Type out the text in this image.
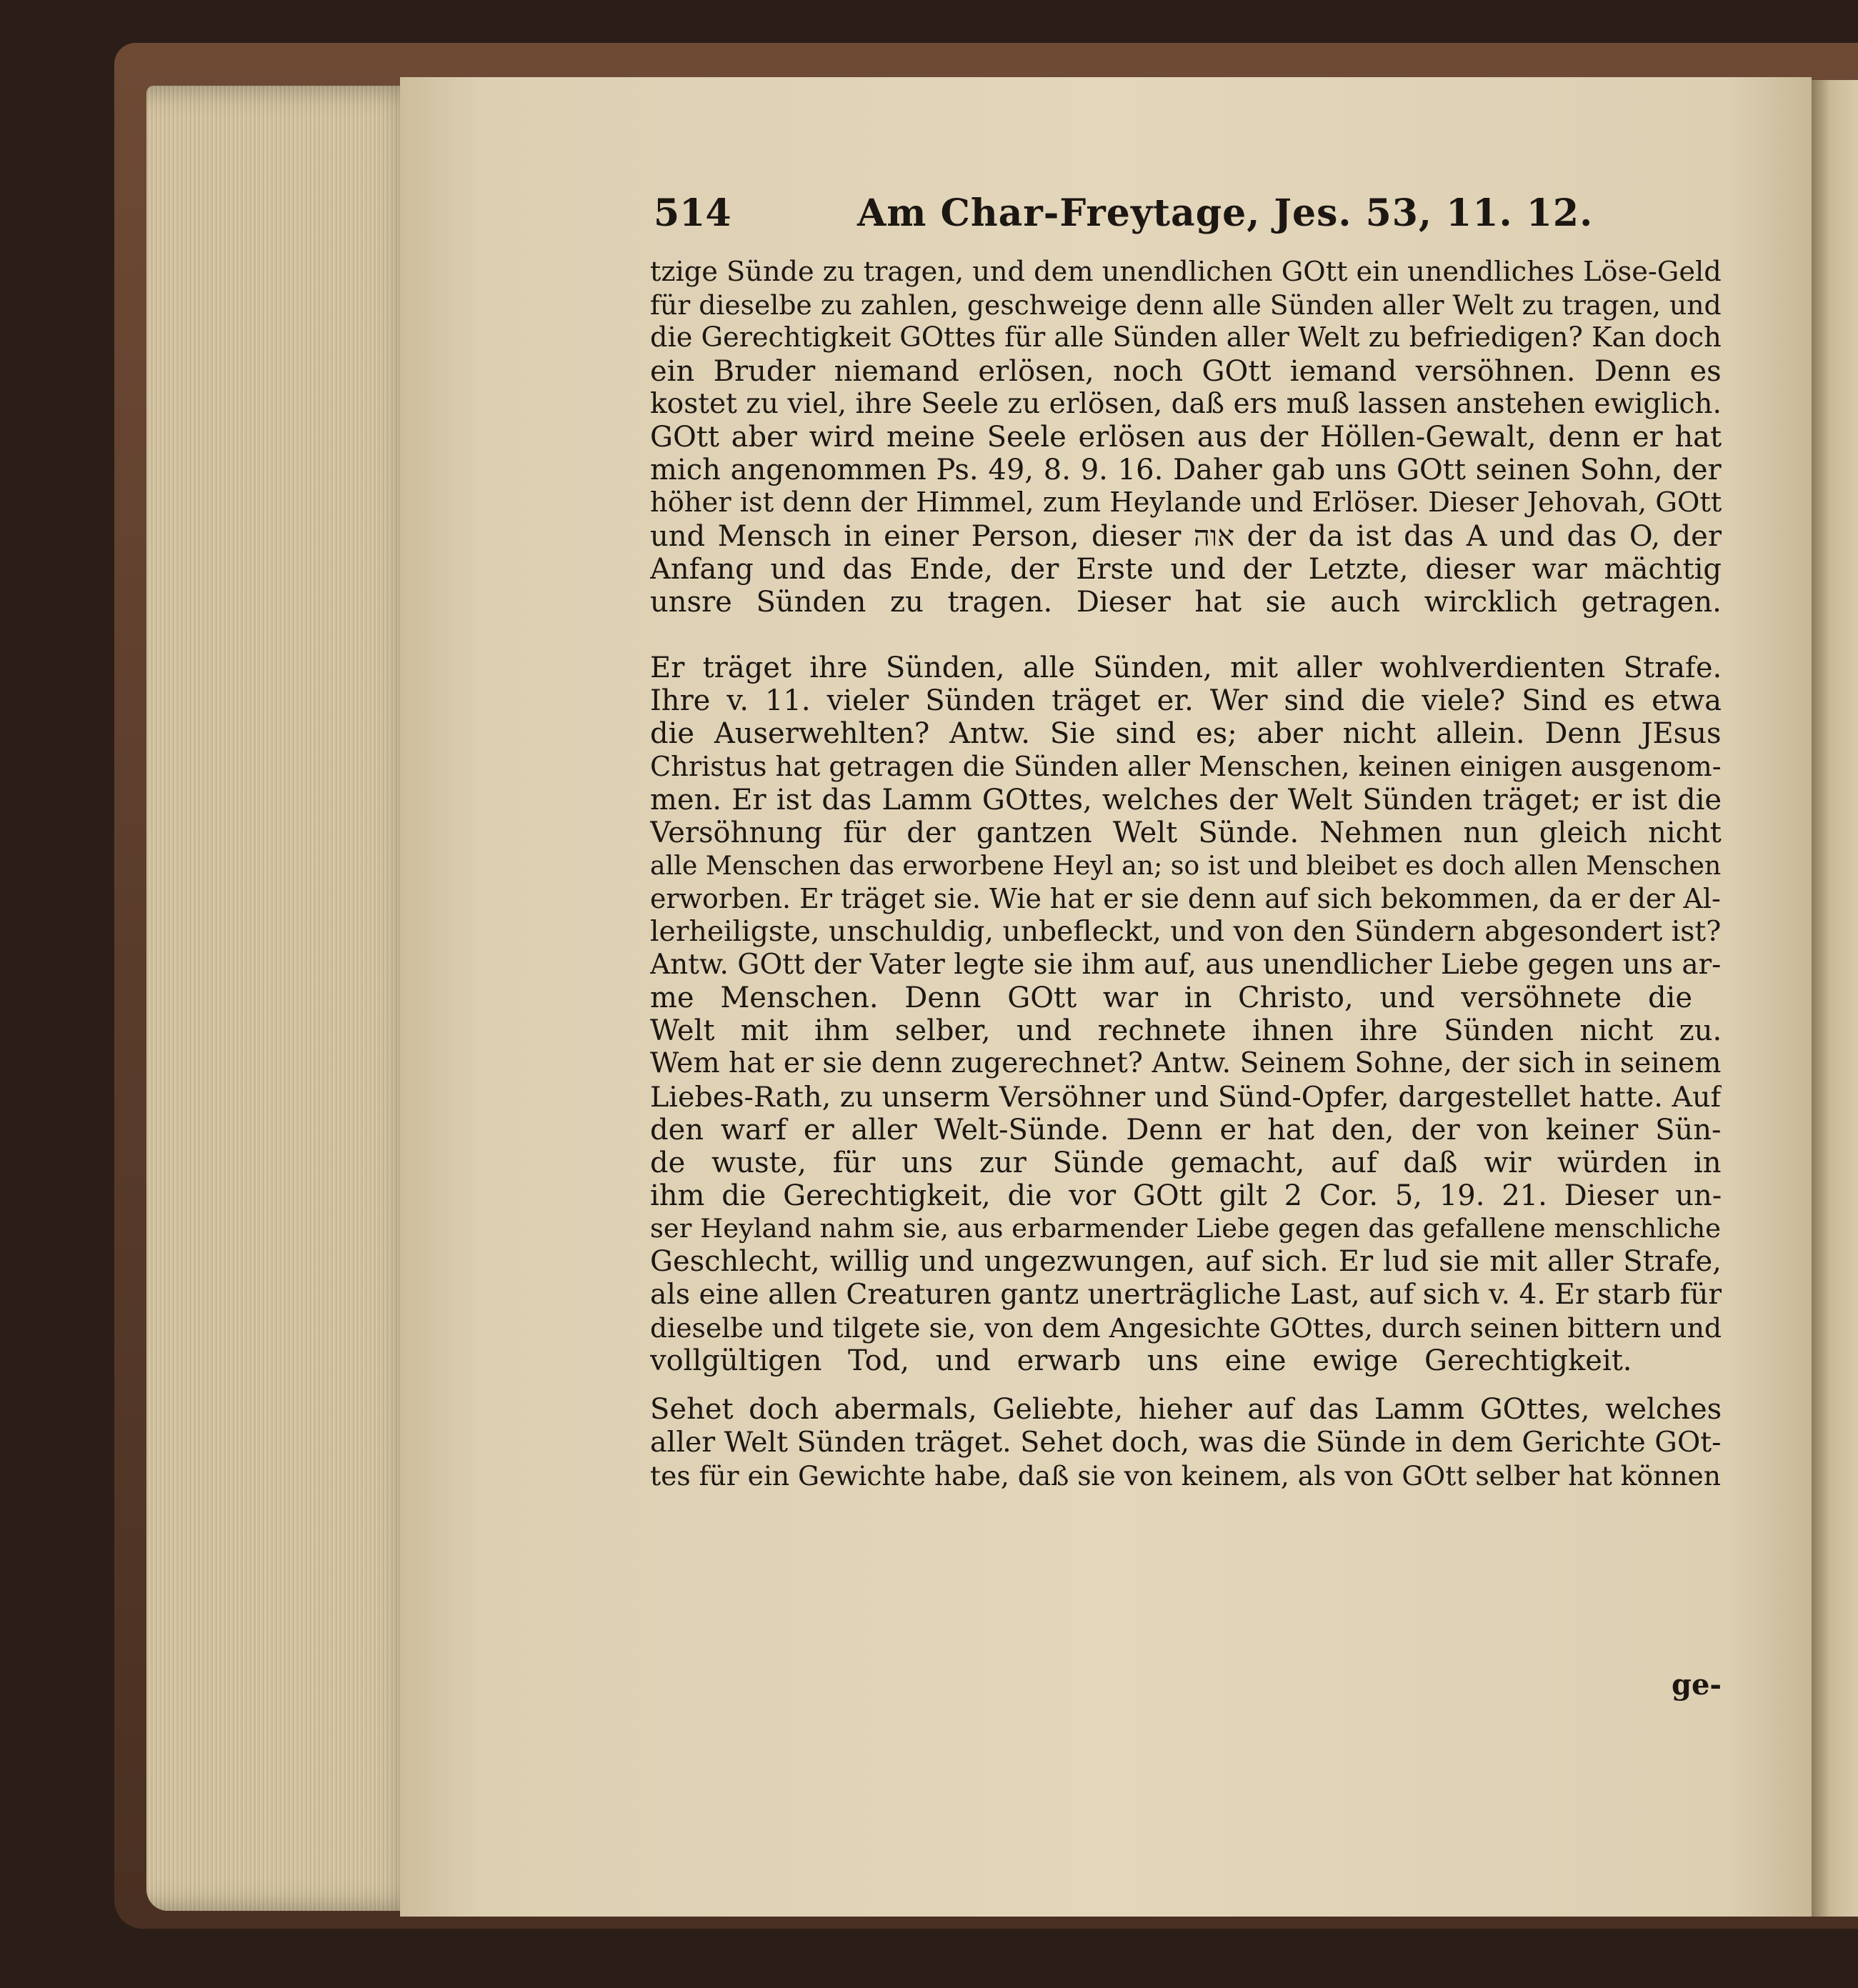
514	Am Char-Freytage, Jes. 53, 11. 12.
tzige Sünde zu tragen, und dem unendlichen GOtt ein unendliches Löse-Geld
für dieselbe zu zahlen, geschweige denn alle Sünden aller Welt zu tragen, und
die Gerechtigkeit GOttes für alle Sünden aller Welt zu befriedigen? Kan doch
ein Bruder niemand erlösen, noch GOtt iemand versöhnen. Denn es
kostet zu viel, ihre Seele zu erlösen, daß ers muß lassen anstehen ewiglich.
GOtt aber wird meine Seele erlösen aus der Höllen-Gewalt, denn er hat
mich angenommen Ps. 49, 8. 9. 16. Daher gab uns GOtt seinen Sohn, der
höher ist denn der Himmel, zum Heylande und Erlöser. Dieser Jehovah, GOtt
und Mensch in einer Person, dieser אוה der da ist das A und das O, der
Anfang und das Ende, der Erste und der Letzte, dieser war mächtig
unsre Sünden zu tragen. Dieser hat sie auch wircklich getragen.
Er träget ihre Sünden, alle Sünden, mit aller wohlverdienten Strafe.
Ihre v. 11. vieler Sünden träget er. Wer sind die viele? Sind es etwa
die Auserwehlten? Antw. Sie sind es; aber nicht allein. Denn JEsus
Christus hat getragen die Sünden aller Menschen, keinen einigen ausgenom-
men. Er ist das Lamm GOttes, welches der Welt Sünden träget; er ist die
Versöhnung für der gantzen Welt Sünde. Nehmen nun gleich nicht
alle Menschen das erworbene Heyl an; so ist und bleibet es doch allen Menschen
erworben. Er träget sie. Wie hat er sie denn auf sich bekommen, da er der Al-
lerheiligste, unschuldig, unbefleckt, und von den Sündern abgesondert ist?
Antw. GOtt der Vater legte sie ihm auf, aus unendlicher Liebe gegen uns ar-
me Menschen. Denn GOtt war in Christo, und versöhnete die
Welt mit ihm selber, und rechnete ihnen ihre Sünden nicht zu.
Wem hat er sie denn zugerechnet? Antw. Seinem Sohne, der sich in seinem
Liebes-Rath, zu unserm Versöhner und Sünd-Opfer, dargestellet hatte. Auf
den warf er aller Welt-Sünde. Denn er hat den, der von keiner Sün-
de wuste, für uns zur Sünde gemacht, auf daß wir würden in
ihm die Gerechtigkeit, die vor GOtt gilt 2 Cor. 5, 19. 21. Dieser un-
ser Heyland nahm sie, aus erbarmender Liebe gegen das gefallene menschliche
Geschlecht, willig und ungezwungen, auf sich. Er lud sie mit aller Strafe,
als eine allen Creaturen gantz unerträgliche Last, auf sich v. 4. Er starb für
dieselbe und tilgete sie, von dem Angesichte GOttes, durch seinen bittern und
vollgültigen Tod, und erwarb uns eine ewige Gerechtigkeit.
Sehet doch abermals, Geliebte, hieher auf das Lamm GOttes, welches
aller Welt Sünden träget. Sehet doch, was die Sünde in dem Gerichte GOt-
tes für ein Gewichte habe, daß sie von keinem, als von GOtt selber hat können
ge-
